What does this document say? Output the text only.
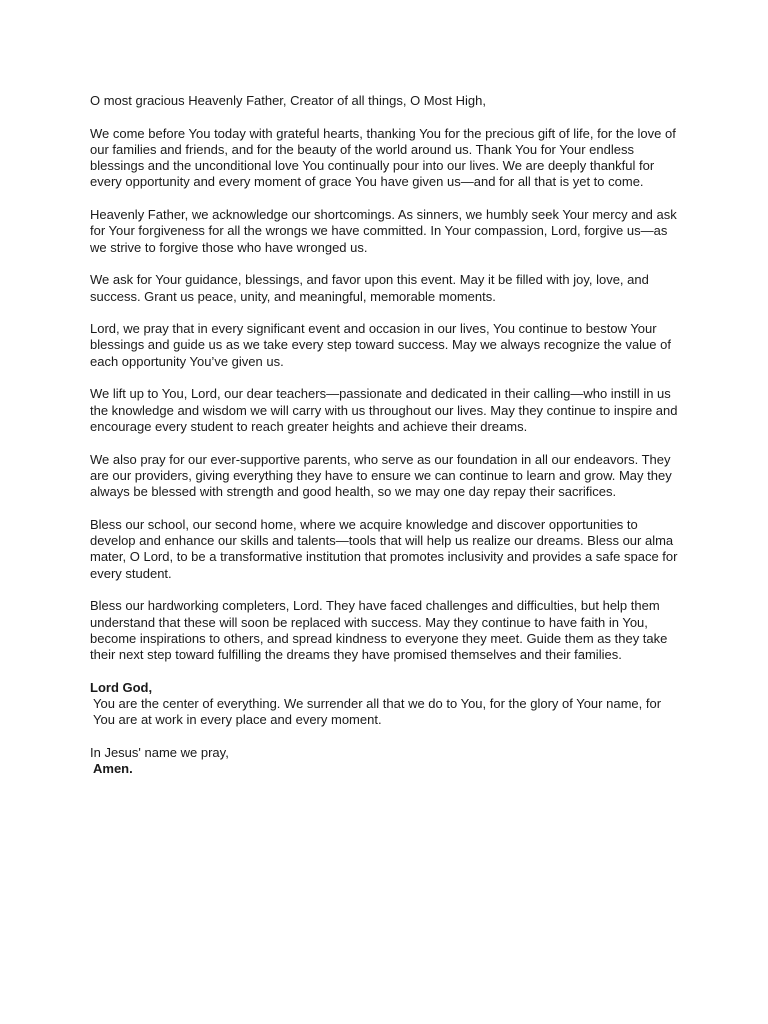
O most gracious Heavenly Father, Creator of all things, O Most High,

We come before You today with grateful hearts, thanking You for the precious gift of life, for the love of our families and friends, and for the beauty of the world around us. Thank You for Your endless blessings and the unconditional love You continually pour into our lives. We are deeply thankful for every opportunity and every moment of grace You have given us—and for all that is yet to come.

Heavenly Father, we acknowledge our shortcomings. As sinners, we humbly seek Your mercy and ask for Your forgiveness for all the wrongs we have committed. In Your compassion, Lord, forgive us—as we strive to forgive those who have wronged us.

We ask for Your guidance, blessings, and favor upon this event. May it be filled with joy, love, and success. Grant us peace, unity, and meaningful, memorable moments.

Lord, we pray that in every significant event and occasion in our lives, You continue to bestow Your blessings and guide us as we take every step toward success. May we always recognize the value of each opportunity You’ve given us.

We lift up to You, Lord, our dear teachers—passionate and dedicated in their calling—who instill in us the knowledge and wisdom we will carry with us throughout our lives. May they continue to inspire and encourage every student to reach greater heights and achieve their dreams.

We also pray for our ever-supportive parents, who serve as our foundation in all our endeavors. They are our providers, giving everything they have to ensure we can continue to learn and grow. May they always be blessed with strength and good health, so we may one day repay their sacrifices.

Bless our school, our second home, where we acquire knowledge and discover opportunities to develop and enhance our skills and talents—tools that will help us realize our dreams. Bless our alma mater, O Lord, to be a transformative institution that promotes inclusivity and provides a safe space for every student.

Bless our hardworking completers, Lord. They have faced challenges and difficulties, but help them understand that these will soon be replaced with success. May they continue to have faith in You, become inspirations to others, and spread kindness to everyone they meet. Guide them as they take their next step toward fulfilling the dreams they have promised themselves and their families.

Lord God,
You are the center of everything. We surrender all that we do to You, for the glory of Your name, for You are at work in every place and every moment.
In Jesus' name we pray,
Amen.
